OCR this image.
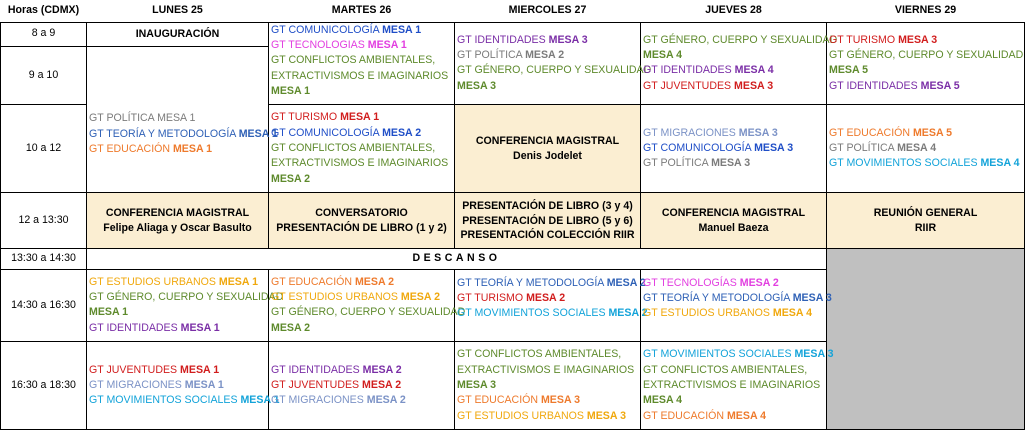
Horas (CDMX)	LUNES 25	MARTES 26	MIERCOLES 27	JUEVES 28	VIERNES 29
8 a 9	INAUGURACIÓN	GT COMUNICOLOGÍA MESA 1
GT TECNOLOGIAS MESA 1
GT CONFLICTOS AMBIENTALES,
EXTRACTIVISMOS E IMAGINARIOS
MESA 1	GT IDENTIDADES MESA 3
GT POLÍTICA MESA 2
GT GÉNERO, CUERPO Y SEXUALIDAD
MESA 3	GT GÉNERO, CUERPO Y SEXUALIDAD
MESA 4
GT IDENTIDADES MESA 4
GT JUVENTUDES MESA 3	GT TURISMO MESA 3
GT GÉNERO, CUERPO Y SEXUALIDAD
MESA 5
GT IDENTIDADES MESA 5

9 a 10	GT POLÍTICA MESA 1
GT TEORÍA Y METODOLOGÍA MESA 1
GT EDUCACIÓN MESA 1				

10 a 12		GT TURISMO MESA 1
GT COMUNICOLOGÍA MESA 2
GT CONFLICTOS AMBIENTALES,
EXTRACTIVISMOS E IMAGINARIOS
MESA 2	CONFERENCIA MAGISTRAL
Denis Jodelet	GT MIGRACIONES MESA 3
GT COMUNICOLOGÍA MESA 3
GT POLÍTICA MESA 3	GT EDUCACIÓN MESA 5
GT POLÍTICA MESA 4
GT MOVIMIENTOS SOCIALES MESA 4

12 a 13:30	CONFERENCIA MAGISTRAL
Felipe Aliaga y Oscar Basulto	CONVERSATORIO
PRESENTACIÓN DE LIBRO (1 y 2)	PRESENTACIÓN DE LIBRO (3 y 4)
PRESENTACIÓN DE LIBRO (5 y 6)
PRESENTACIÓN COLECCIÓN RIIR	CONFERENCIA MAGISTRAL
Manuel Baeza	REUNIÓN GENERAL
RIIR

13:30 a 14:30	DESCANSO				
14:30 a 16:30	GT ESTUDIOS URBANOS MESA 1
GT GÉNERO, CUERPO Y SEXUALIDAD
MESA 1
GT IDENTIDADES MESA 1	GT EDUCACIÓN MESA 2
GT ESTUDIOS URBANOS MESA 2
GT GÉNERO, CUERPO Y SEXUALIDAD
MESA 2	GT TEORÍA Y METODOLOGÍA MESA 2
GT TURISMO MESA 2
GT MOVIMIENTOS SOCIALES MESA 2	GT TECNOLOGÍAS MESA 2
GT TEORÍA Y METODOLOGÍA MESA 3
GT ESTUDIOS URBANOS MESA 4	

16:30 a 18:30	GT JUVENTUDES MESA 1
GT MIGRACIONES MESA 1
GT MOVIMIENTOS SOCIALES MESA 1	GT IDENTIDADES MESA 2
GT JUVENTUDES MESA 2
GT MIGRACIONES MESA 2	GT CONFLICTOS AMBIENTALES,
EXTRACTIVISMOS E IMAGINARIOS
MESA 3
GT EDUCACIÓN MESA 3
GT ESTUDIOS URBANOS MESA 3	GT MOVIMIENTOS SOCIALES MESA 3
GT CONFLICTOS AMBIENTALES,
EXTRACTIVISMOS E IMAGINARIOS
MESA 4
GT EDUCACIÓN MESA 4	
